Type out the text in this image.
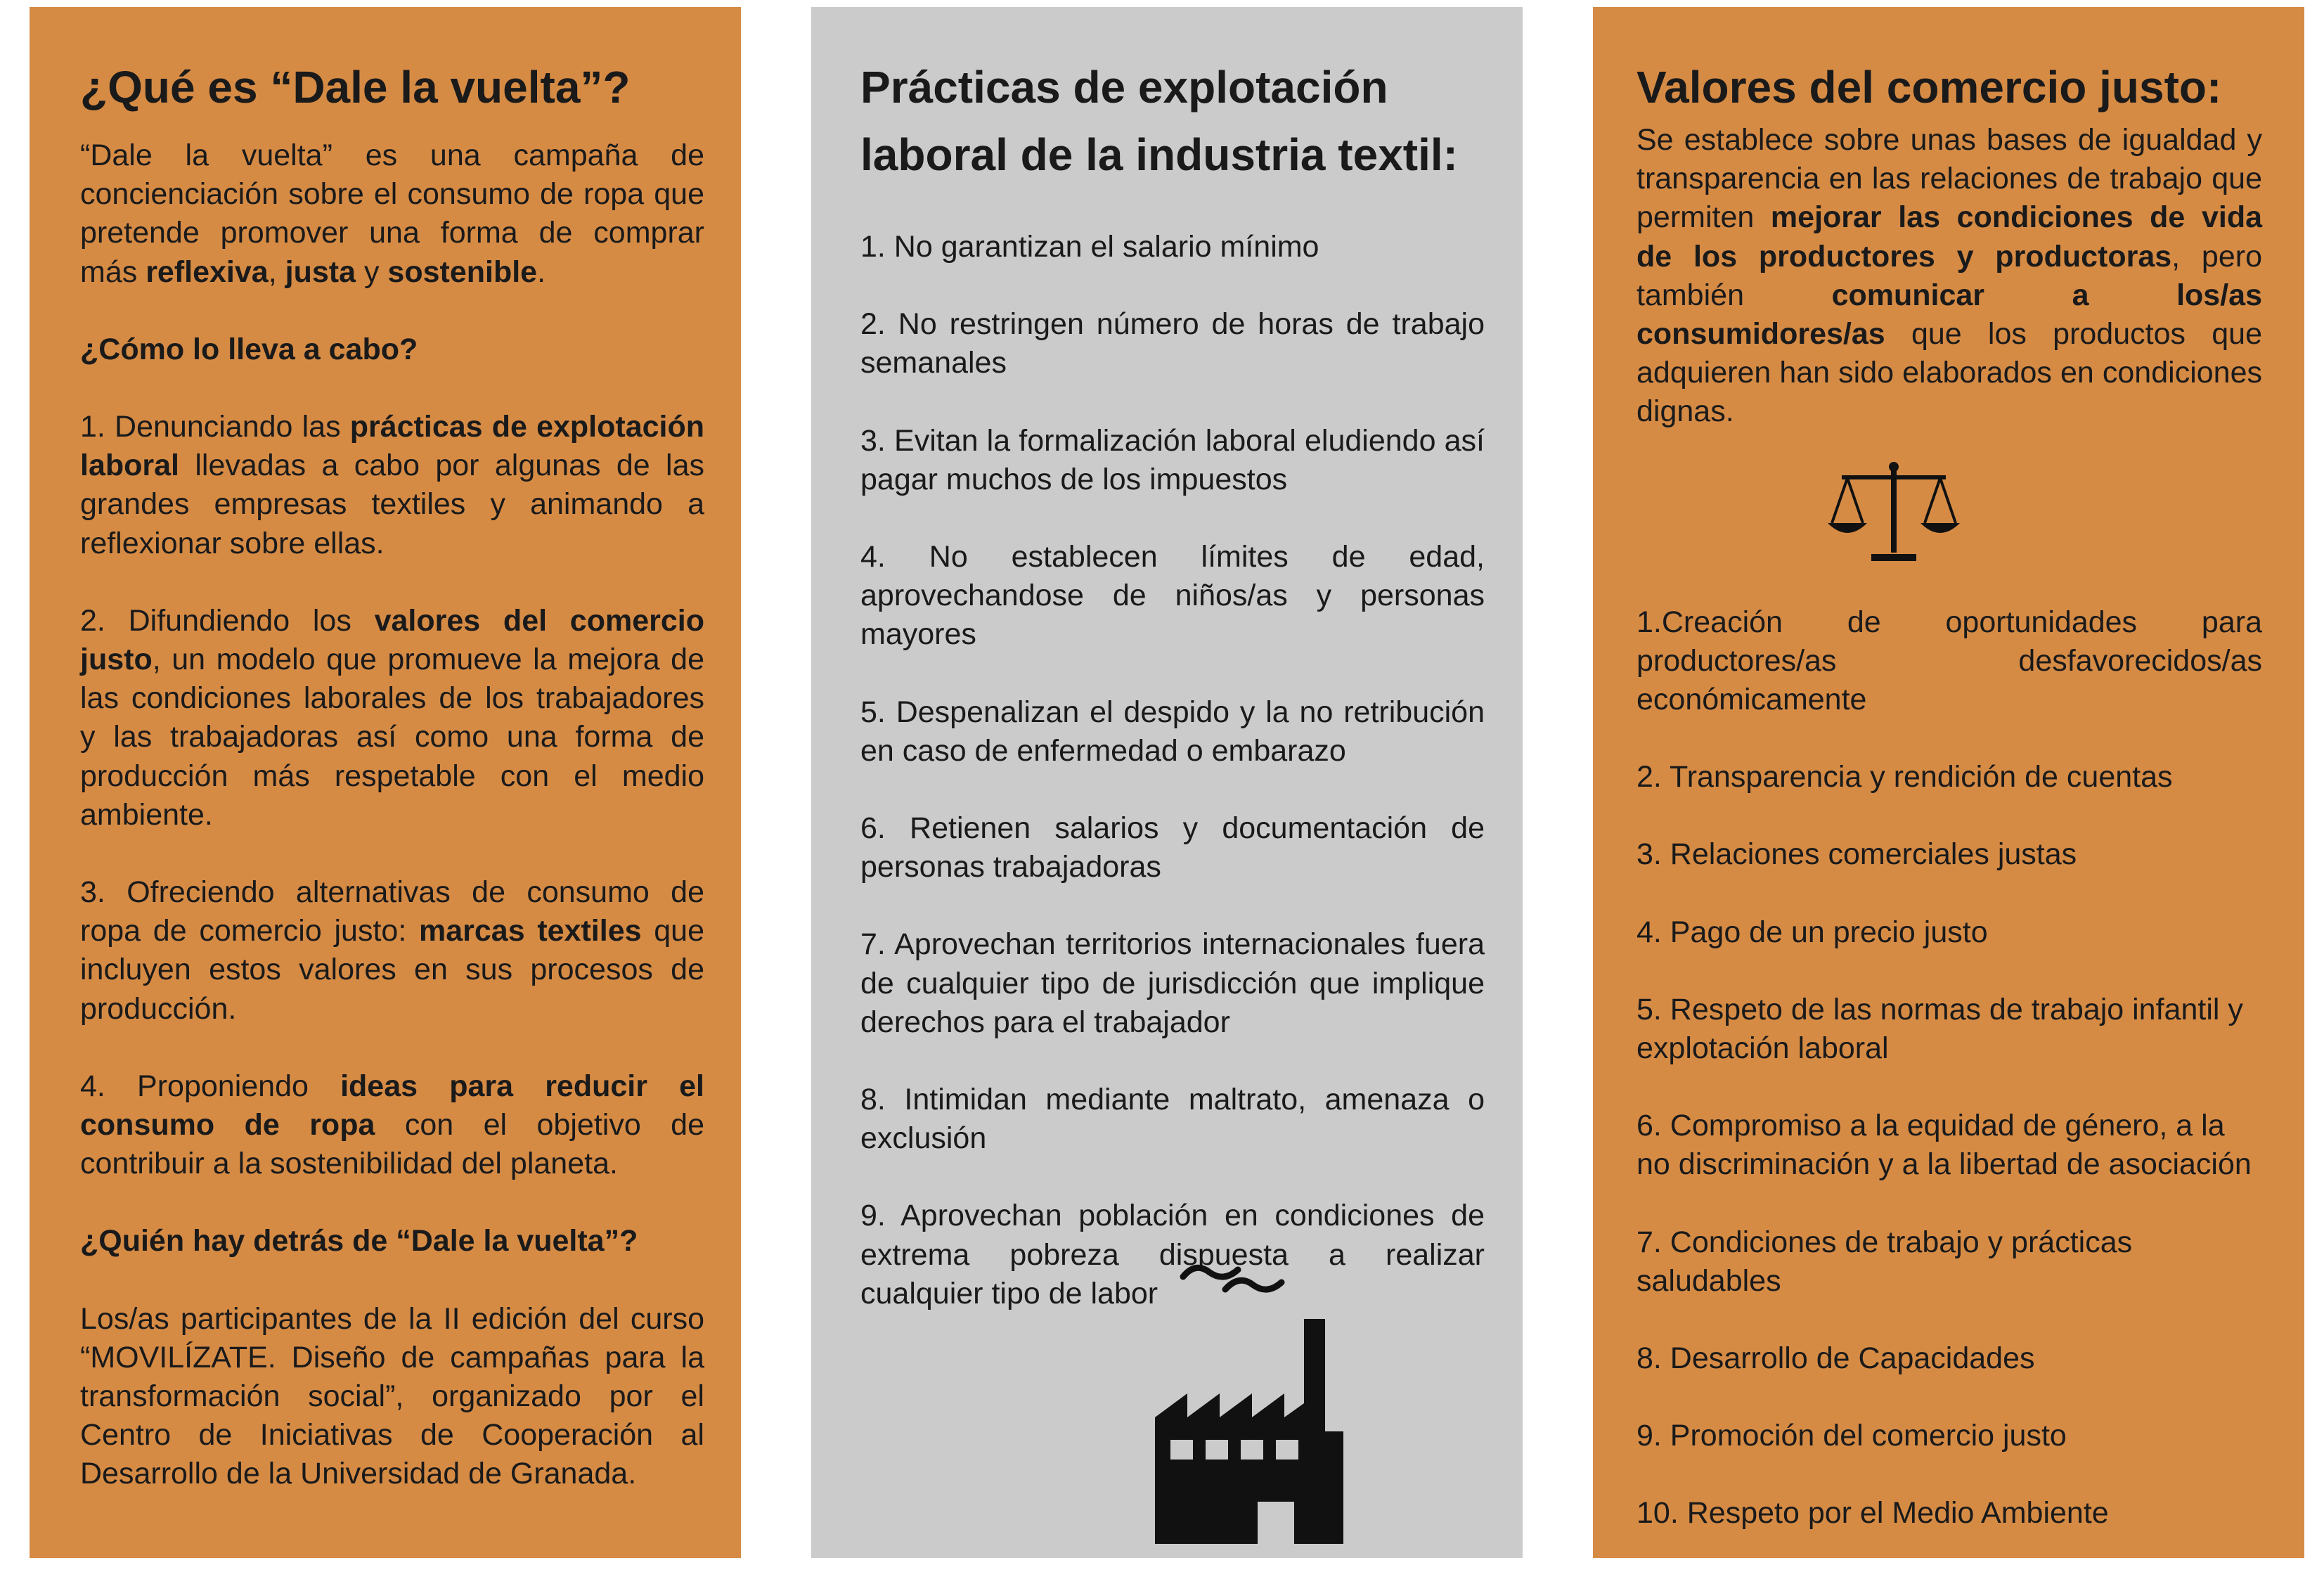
¿Qué es “Dale la vuelta”?

“Dale la vuelta” es una campaña de concienciación sobre el consumo de ropa que pretende promover una forma de comprar más reflexiva, justa y sostenible.

¿Cómo lo lleva a cabo?

1. Denunciando las prácticas de explotación laboral llevadas a cabo por algunas de las grandes empresas textiles y animando a reflexionar sobre ellas.

2. Difundiendo los valores del comercio justo, un modelo que promueve la mejora de las condiciones laborales de los trabajadores y las trabajadoras así como una forma de producción más respetable con el medio ambiente.

3. Ofreciendo alternativas de consumo de ropa de comercio justo: marcas textiles que incluyen estos valores en sus procesos de producción.

4. Proponiendo ideas para reducir el consumo de ropa con el objetivo de contribuir a la sostenibilidad del planeta.

¿Quién hay detrás de “Dale la vuelta”?

Los/as participantes de la II edición del curso “MOVILÍZATE. Diseño de campañas para la transformación social”, organizado por el Centro de Iniciativas de Cooperación al Desarrollo de la Universidad de Granada.

Prácticas de explotación laboral de la industria textil:
1. No garantizan el salario mínimo
2. No restringen número de horas de trabajo semanales
3. Evitan la formalización laboral eludiendo así pagar muchos de los impuestos
4. No establecen límites de edad, aprovechandose de niños/as y personas mayores
5. Despenalizan el despido y la no retribución en caso de enfermedad o embarazo
6. Retienen salarios y documentación de personas trabajadoras
7. Aprovechan territorios internacionales fuera de cualquier tipo de jurisdicción que implique derechos para el trabajador
8. Intimidan mediante maltrato, amenaza o exclusión
9. Aprovechan población en condiciones de extrema pobreza dispuesta a realizar cualquier tipo de labor
Valores del comercio justo:

Se establece sobre unas bases de igualdad y transparencia en las relaciones de trabajo que permiten mejorar las condiciones de vida de los productores y productoras, pero también comunicar a los/as consumidores/as que los productos que adquieren han sido elaborados en condiciones dignas.

1.Creación de oportunidades para productores/as desfavorecidos/as económicamente
2. Transparencia y rendición de cuentas
3. Relaciones comerciales justas
4. Pago de un precio justo
5. Respeto de las normas de trabajo infantil y explotación laboral
6. Compromiso a la equidad de género, a la no discriminación y a la libertad de asociación
7. Condiciones de trabajo y prácticas saludables
8. Desarrollo de Capacidades
9. Promoción del comercio justo
10. Respeto por el Medio Ambiente
